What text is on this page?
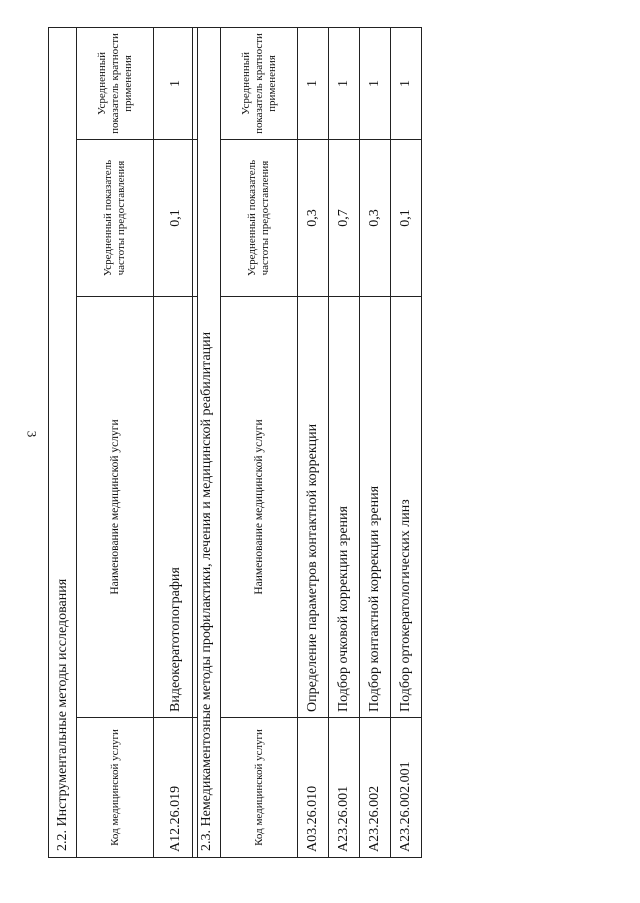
3
2.2. Инструментальные методы исследования			
Код медицинской услуги	Наименование медицинской услуги	Усредненный показатель частоты предоставления	Усредненный показатель кратности применения
A12.26.019	Видеокератотопография	0,1	1
2.3. Немедикаментозные методы профилактики, лечения и медицинской реабилитации			
Код медицинской услуги	Наименование медицинской услуги	Усредненный показатель частоты предоставления	Усредненный показатель кратности применения
A03.26.010	Определение параметров контактной коррекции	0,3	1
A23.26.001	Подбор очковой коррекции зрения	0,7	1
A23.26.002	Подбор контактной коррекции зрения	0,3	1
A23.26.002.001	Подбор ортокератологических линз	0,1	1
